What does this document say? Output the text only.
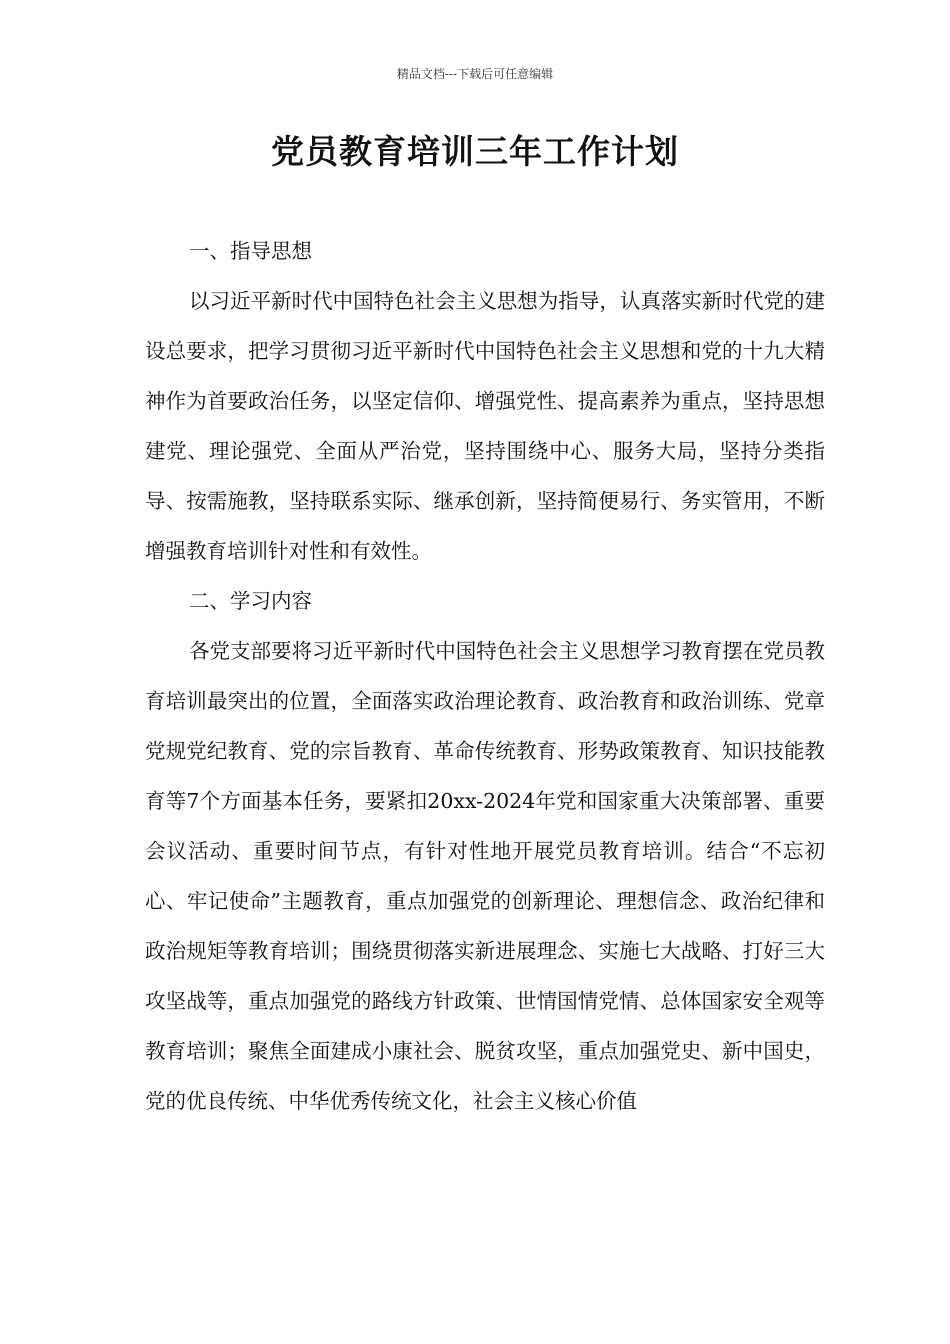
精品文档---下载后可任意编辑
党员教育培训三年工作计划
一、指导思想

以习近平新时代中国特色社会主义思想为指导，认真落实新时代党的建设总要求，把学习贯彻习近平新时代中国特色社会主义思想和党的十九大精神作为首要政治任务，以坚定信仰、增强党性、提高素养为重点，坚持思想建党、理论强党、全面从严治党，坚持围绕中心、服务大局，坚持分类指导、按需施教，坚持联系实际、继承创新，坚持简便易行、务实管用，不断增强教育培训针对性和有效性。

二、学习内容

各党支部要将习近平新时代中国特色社会主义思想学习教育摆在党员教育培训最突出的位置，全面落实政治理论教育、政治教育和政治训练、党章党规党纪教育、党的宗旨教育、革命传统教育、形势政策教育、知识技能教育等7个方面基本任务，要紧扣20xx-2024年党和国家重大决策部署、重要会议活动、重要时间节点，有针对性地开展党员教育培训。结合“不忘初心、牢记使命”主题教育，重点加强党的创新理论、理想信念、政治纪律和政治规矩等教育培训；围绕贯彻落实新进展理念、实施七大战略、打好三大攻坚战等，重点加强党的路线方针政策、世情国情党情、总体国家安全观等教育培训；聚焦全面建成小康社会、脱贫攻坚，重点加强党史、新中国史，党的优良传统、中华优秀传统文化，社会主义核心价值
